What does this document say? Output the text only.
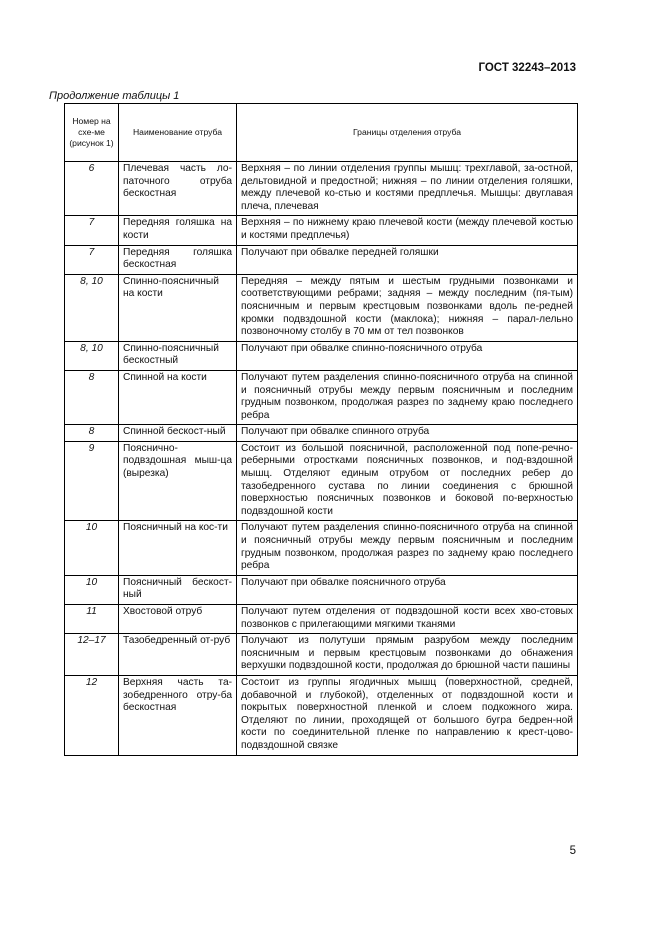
ГОСТ 32243–2013
Продолжение таблицы 1
Номер на схе-ме (рисунок 1)	Наименование отруба	Границы отделения отруба
6	Плечевая часть ло-паточного отруба бескостная	Верхняя – по линии отделения группы мышц: трехглавой, за-остной, дельтовидной и предостной; нижняя – по линии отделения голяшки, между плечевой ко-стью и костями предплечья. Мышцы: двуглавая плеча, плечевая
7	Передняя голяшка на кости	Верхняя – по нижнему краю плечевой кости (между плечевой костью и костями предплечья)
7	Передняя голяшка бескостная	Получают при обвалке передней голяшки
8, 10	Спинно-поясничный на кости	Передняя – между пятым и шестым грудными позвонками и соответствующими ребрами; задняя – между последним (пя-тым) поясничным и первым крестцовым позвонками вдоль пе-редней кромки подвздошной кости (маклока); нижняя – парал-лельно позвоночному столбу в 70 мм от тел позвонков
8, 10	Спинно-поясничный бескостный	Получают при обвалке спинно-поясничного отруба
8	Спинной на кости	Получают путем разделения спинно-поясничного отруба на спинной и поясничный отрубы между первым поясничным и последним грудным позвонком, продолжая разрез по заднему краю последнего ребра
8	Спинной бескост-ный	Получают при обвалке спинного отруба
9	Пояснично-подвздошная мыш-ца (вырезка)	Состоит из большой поясничной, расположенной под попе-речно-реберными отростками поясничных позвонков, и под-вздошной мышц. Отделяют единым отрубом от последних ребер до тазобедренного сустава по линии соединения с брюшной поверхностью поясничных позвонков и боковой по-верхностью подвздошной кости
10	Поясничный на кос-ти	Получают путем разделения спинно-поясничного отруба на спинной и поясничный отрубы между первым поясничным и последним грудным позвонком, продолжая разрез по заднему краю последнего ребра
10	Поясничный бескост-ный	Получают при обвалке поясничного отруба
11	Хвостовой отруб	Получают путем отделения от подвздошной кости всех хво-стовых позвонков с прилегающими мягкими тканями
12–17	Тазобедренный от-руб	Получают из полутуши прямым разрубом между последним поясничным и первым крестцовым позвонками до обнажения верхушки подвздошной кости, продолжая до брюшной части пашины
12	Верхняя часть та-зобедренного отру-ба бескостная	Состоит из группы ягодичных мышц (поверхностной, средней, добавочной и глубокой), отделенных от подвздошной кости и покрытых поверхностной пленкой и слоем подкожного жира. Отделяют по линии, проходящей от большого бугра бедрен-ной кости по соединительной пленке по направлению к крест-цово-подвздошной связке
5
